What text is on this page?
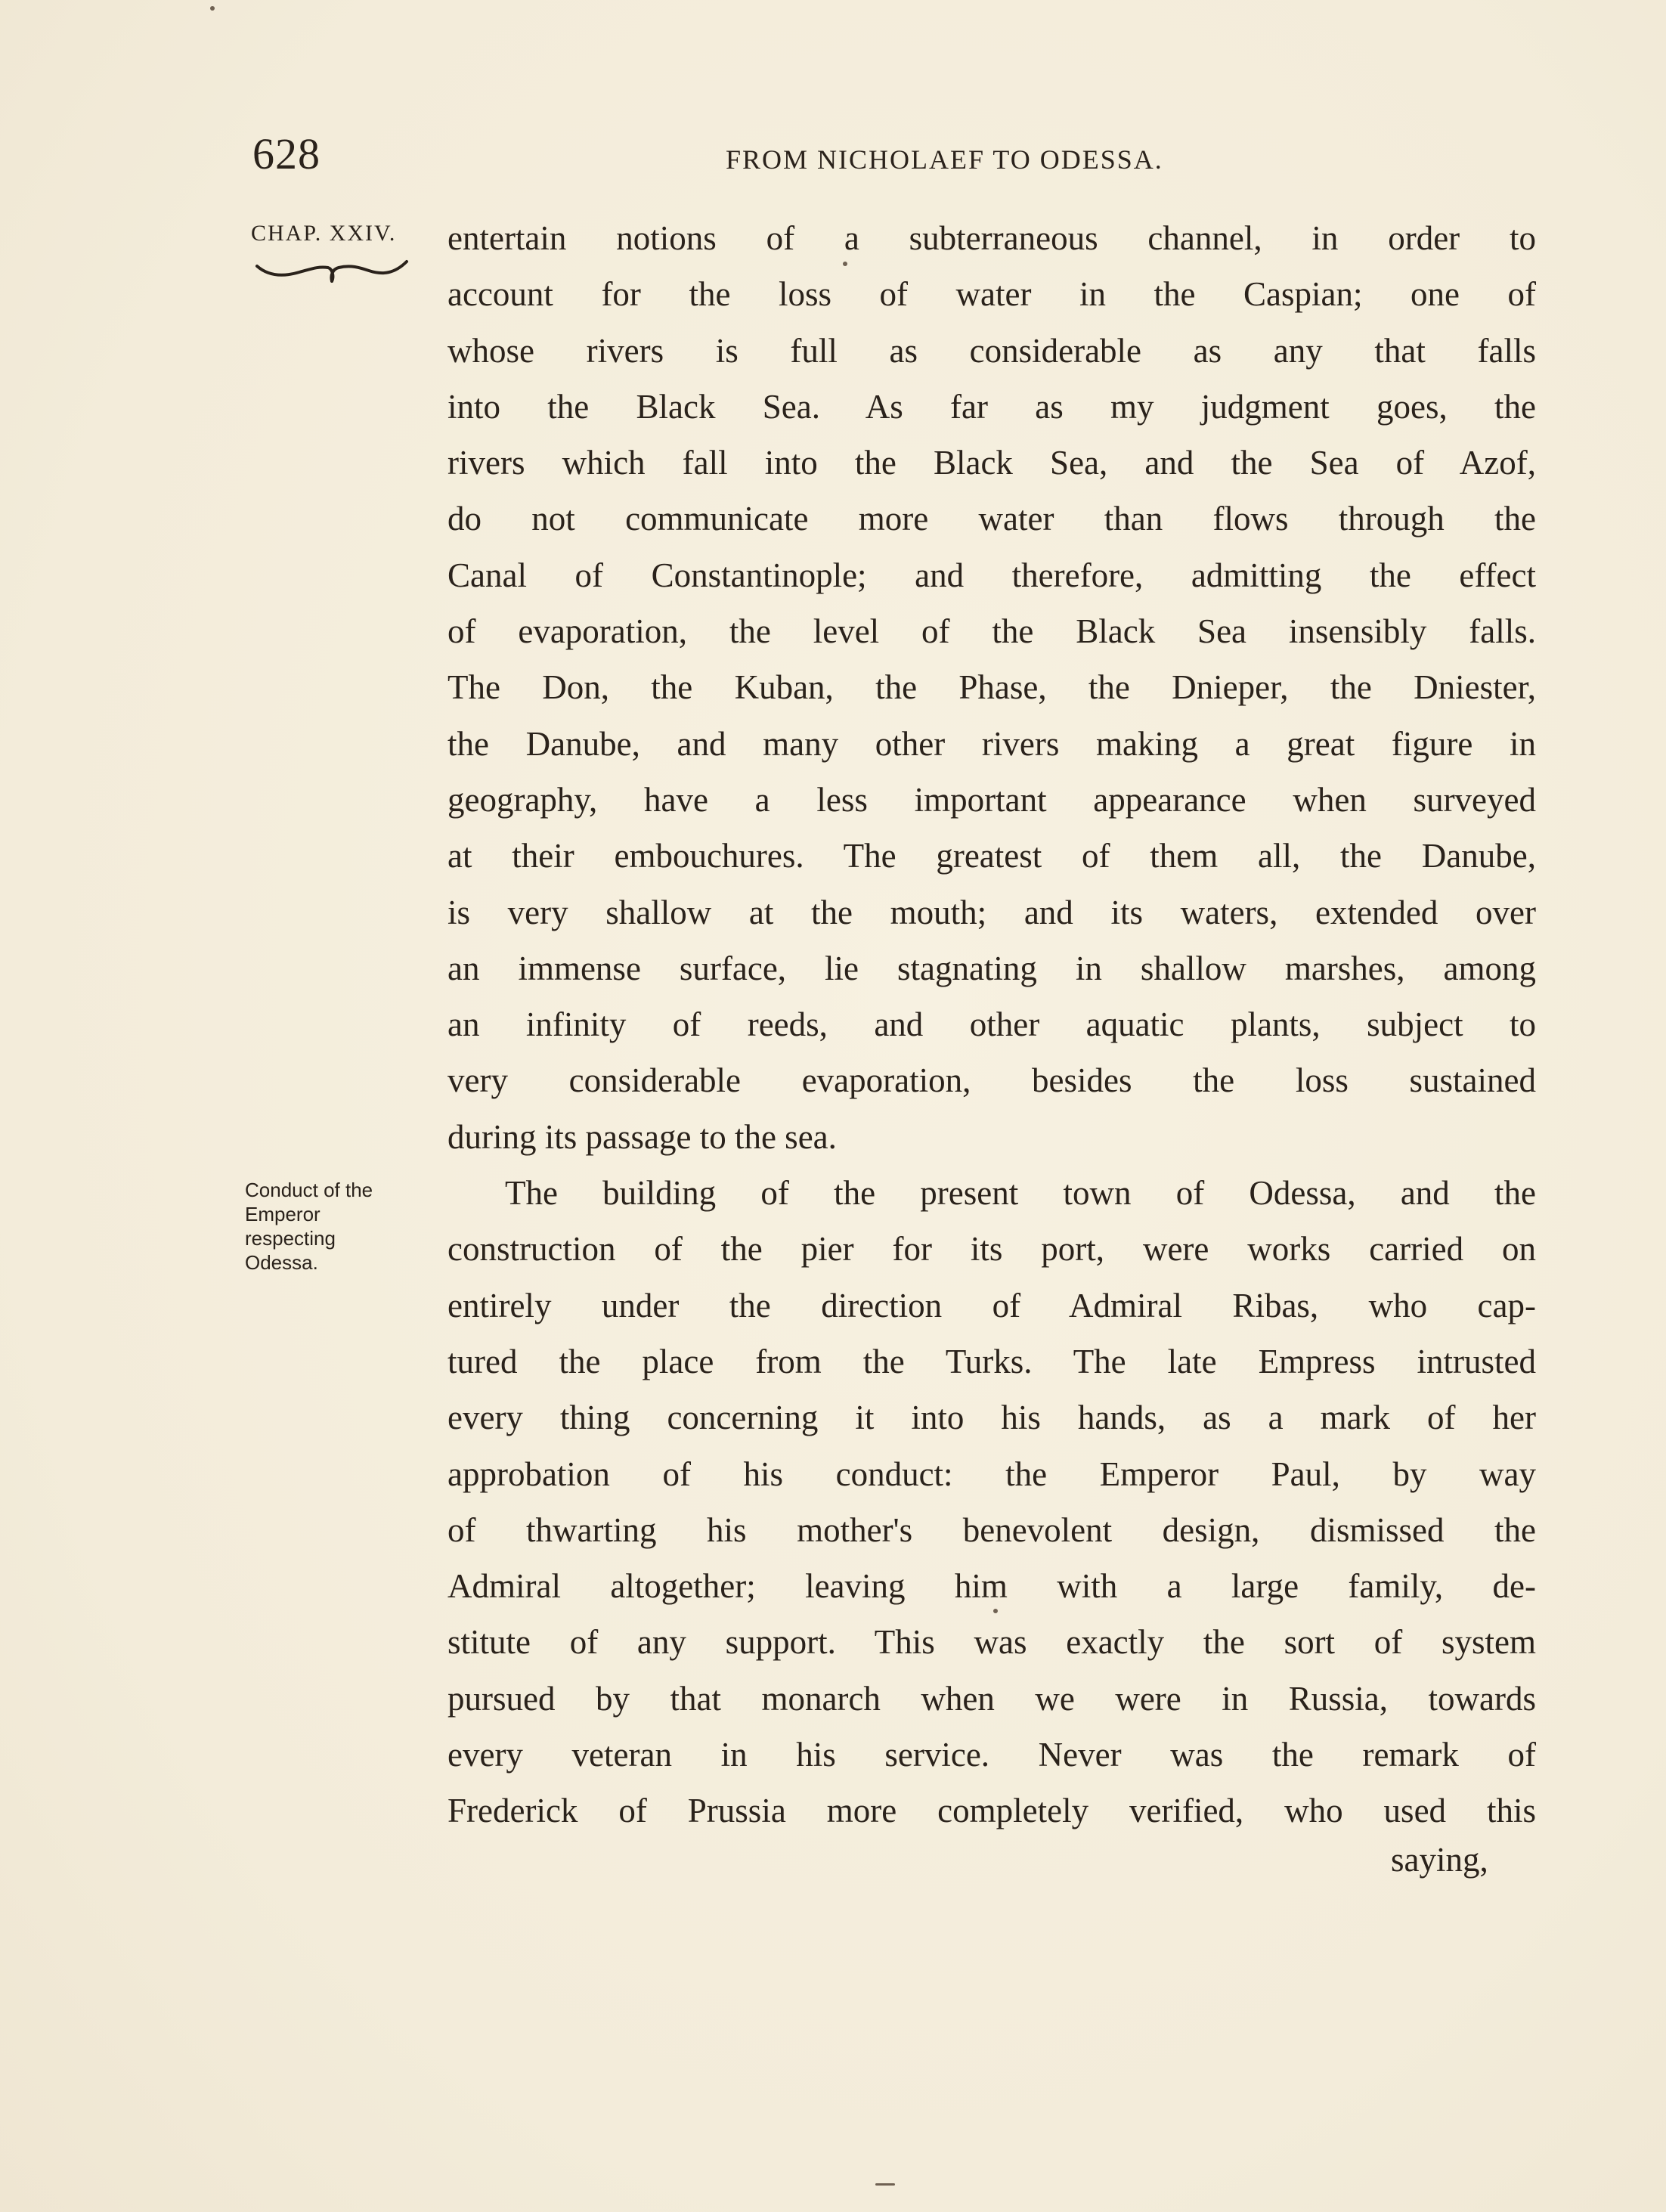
628	FROM NICHOLAEF TO ODESSA.
CHAP. XXIV.
Conduct of the
Emperor
respecting
Odessa.
entertain notions of a subterraneous channel, in order to
account for the loss of water in the Caspian; one of
whose rivers is full as considerable as any that falls
into the Black Sea. As far as my judgment goes, the
rivers which fall into the Black Sea, and the Sea of Azof,
do not communicate more water than flows through the
Canal of Constantinople; and therefore, admitting the effect
of evaporation, the level of the Black Sea insensibly falls.
The Don, the Kuban, the Phase, the Dnieper, the Dniester,
the Danube, and many other rivers making a great figure in
geography, have a less important appearance when surveyed
at their embouchures. The greatest of them all, the Danube,
is very shallow at the mouth; and its waters, extended over
an immense surface, lie stagnating in shallow marshes, among
an infinity of reeds, and other aquatic plants, subject to
very considerable evaporation, besides the loss sustained
during its passage to the sea.
The building of the present town of Odessa, and the
construction of the pier for its port, were works carried on
entirely under the direction of Admiral Ribas, who cap-
tured the place from the Turks. The late Empress intrusted
every thing concerning it into his hands, as a mark of her
approbation of his conduct: the Emperor Paul, by way
of thwarting his mother's benevolent design, dismissed the
Admiral altogether; leaving him with a large family, de-
stitute of any support. This was exactly the sort of system
pursued by that monarch when we were in Russia, towards
every veteran in his service. Never was the remark of
Frederick of Prussia more completely verified, who used this
saying,
